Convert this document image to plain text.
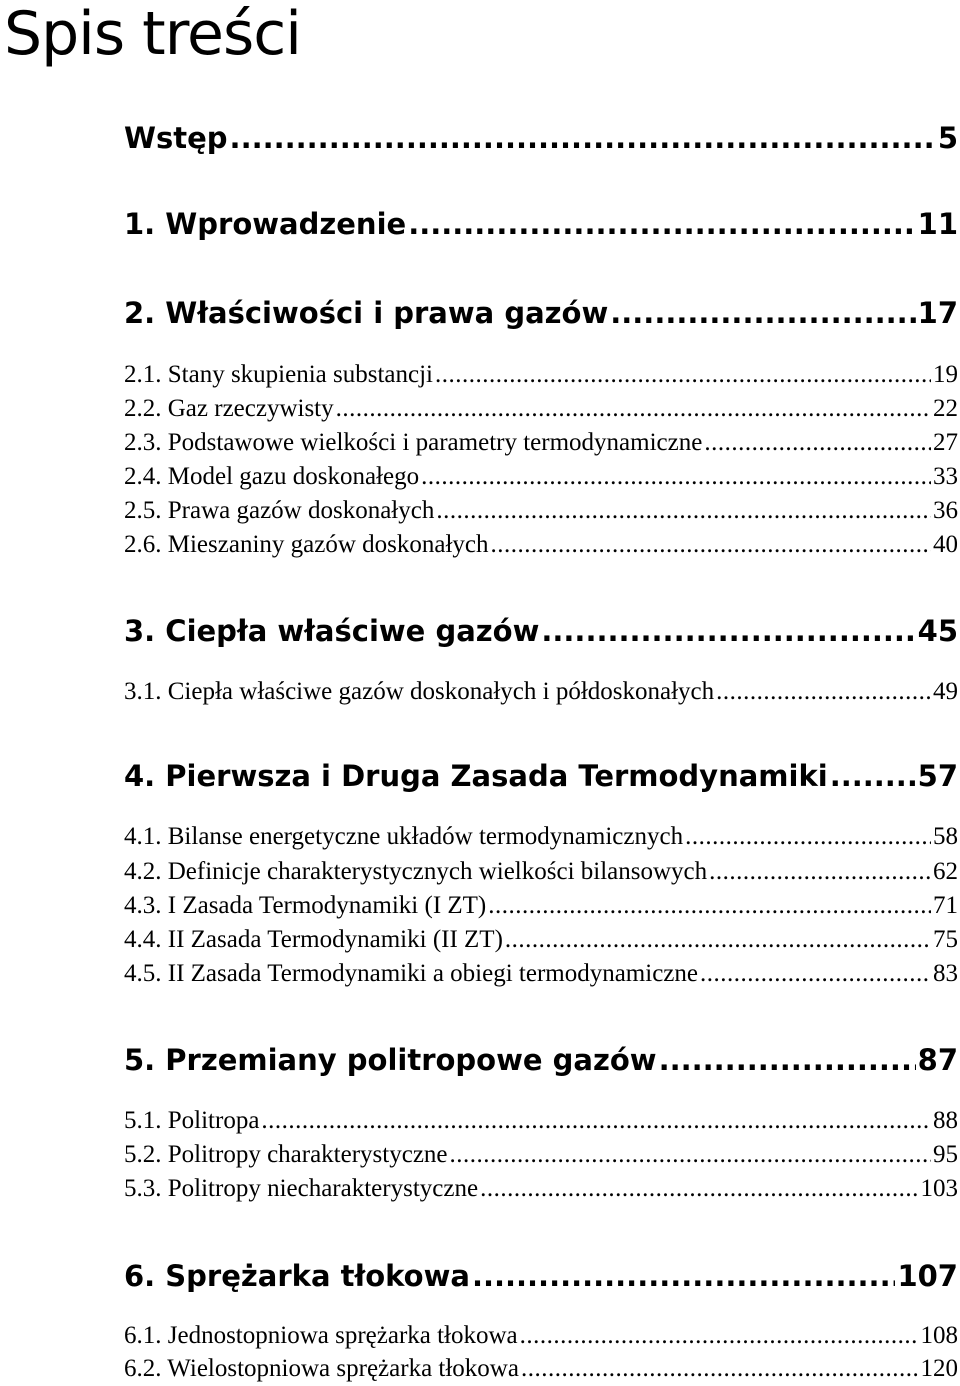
Spis treści
Wstęp .....	5
1. Wprowadzenie .....	11
2. Właściwości i prawa gazów .....	17
2.1. Stany skupienia substancji .....	19
2.2. Gaz rzeczywisty .....	22
2.3. Podstawowe wielkości i parametry termodynamiczne .....	27
2.4. Model gazu doskonałego .....	33
2.5. Prawa gazów doskonałych .....	36
2.6. Mieszaniny gazów doskonałych .....	40
3. Ciepła właściwe gazów .....	45
3.1. Ciepła właściwe gazów doskonałych i półdoskonałych .....	49
4. Pierwsza i Druga Zasada Termodynamiki .....	57
4.1. Bilanse energetyczne układów termodynamicznych .....	58
4.2. Definicje charakterystycznych wielkości bilansowych .....	62
4.3. I Zasada Termodynamiki (I ZT) .....	71
4.4. II Zasada Termodynamiki (II ZT) .....	75
4.5. II Zasada Termodynamiki a obiegi termodynamiczne .....	83
5. Przemiany politropowe gazów .....	87
5.1. Politropa .....	88
5.2. Politropy charakterystyczne .....	95
5.3. Politropy niecharakterystyczne .....	103
6. Sprężarka tłokowa .....	107
6.1. Jednostopniowa sprężarka tłokowa .....	108
6.2. Wielostopniowa sprężarka tłokowa .....	120
